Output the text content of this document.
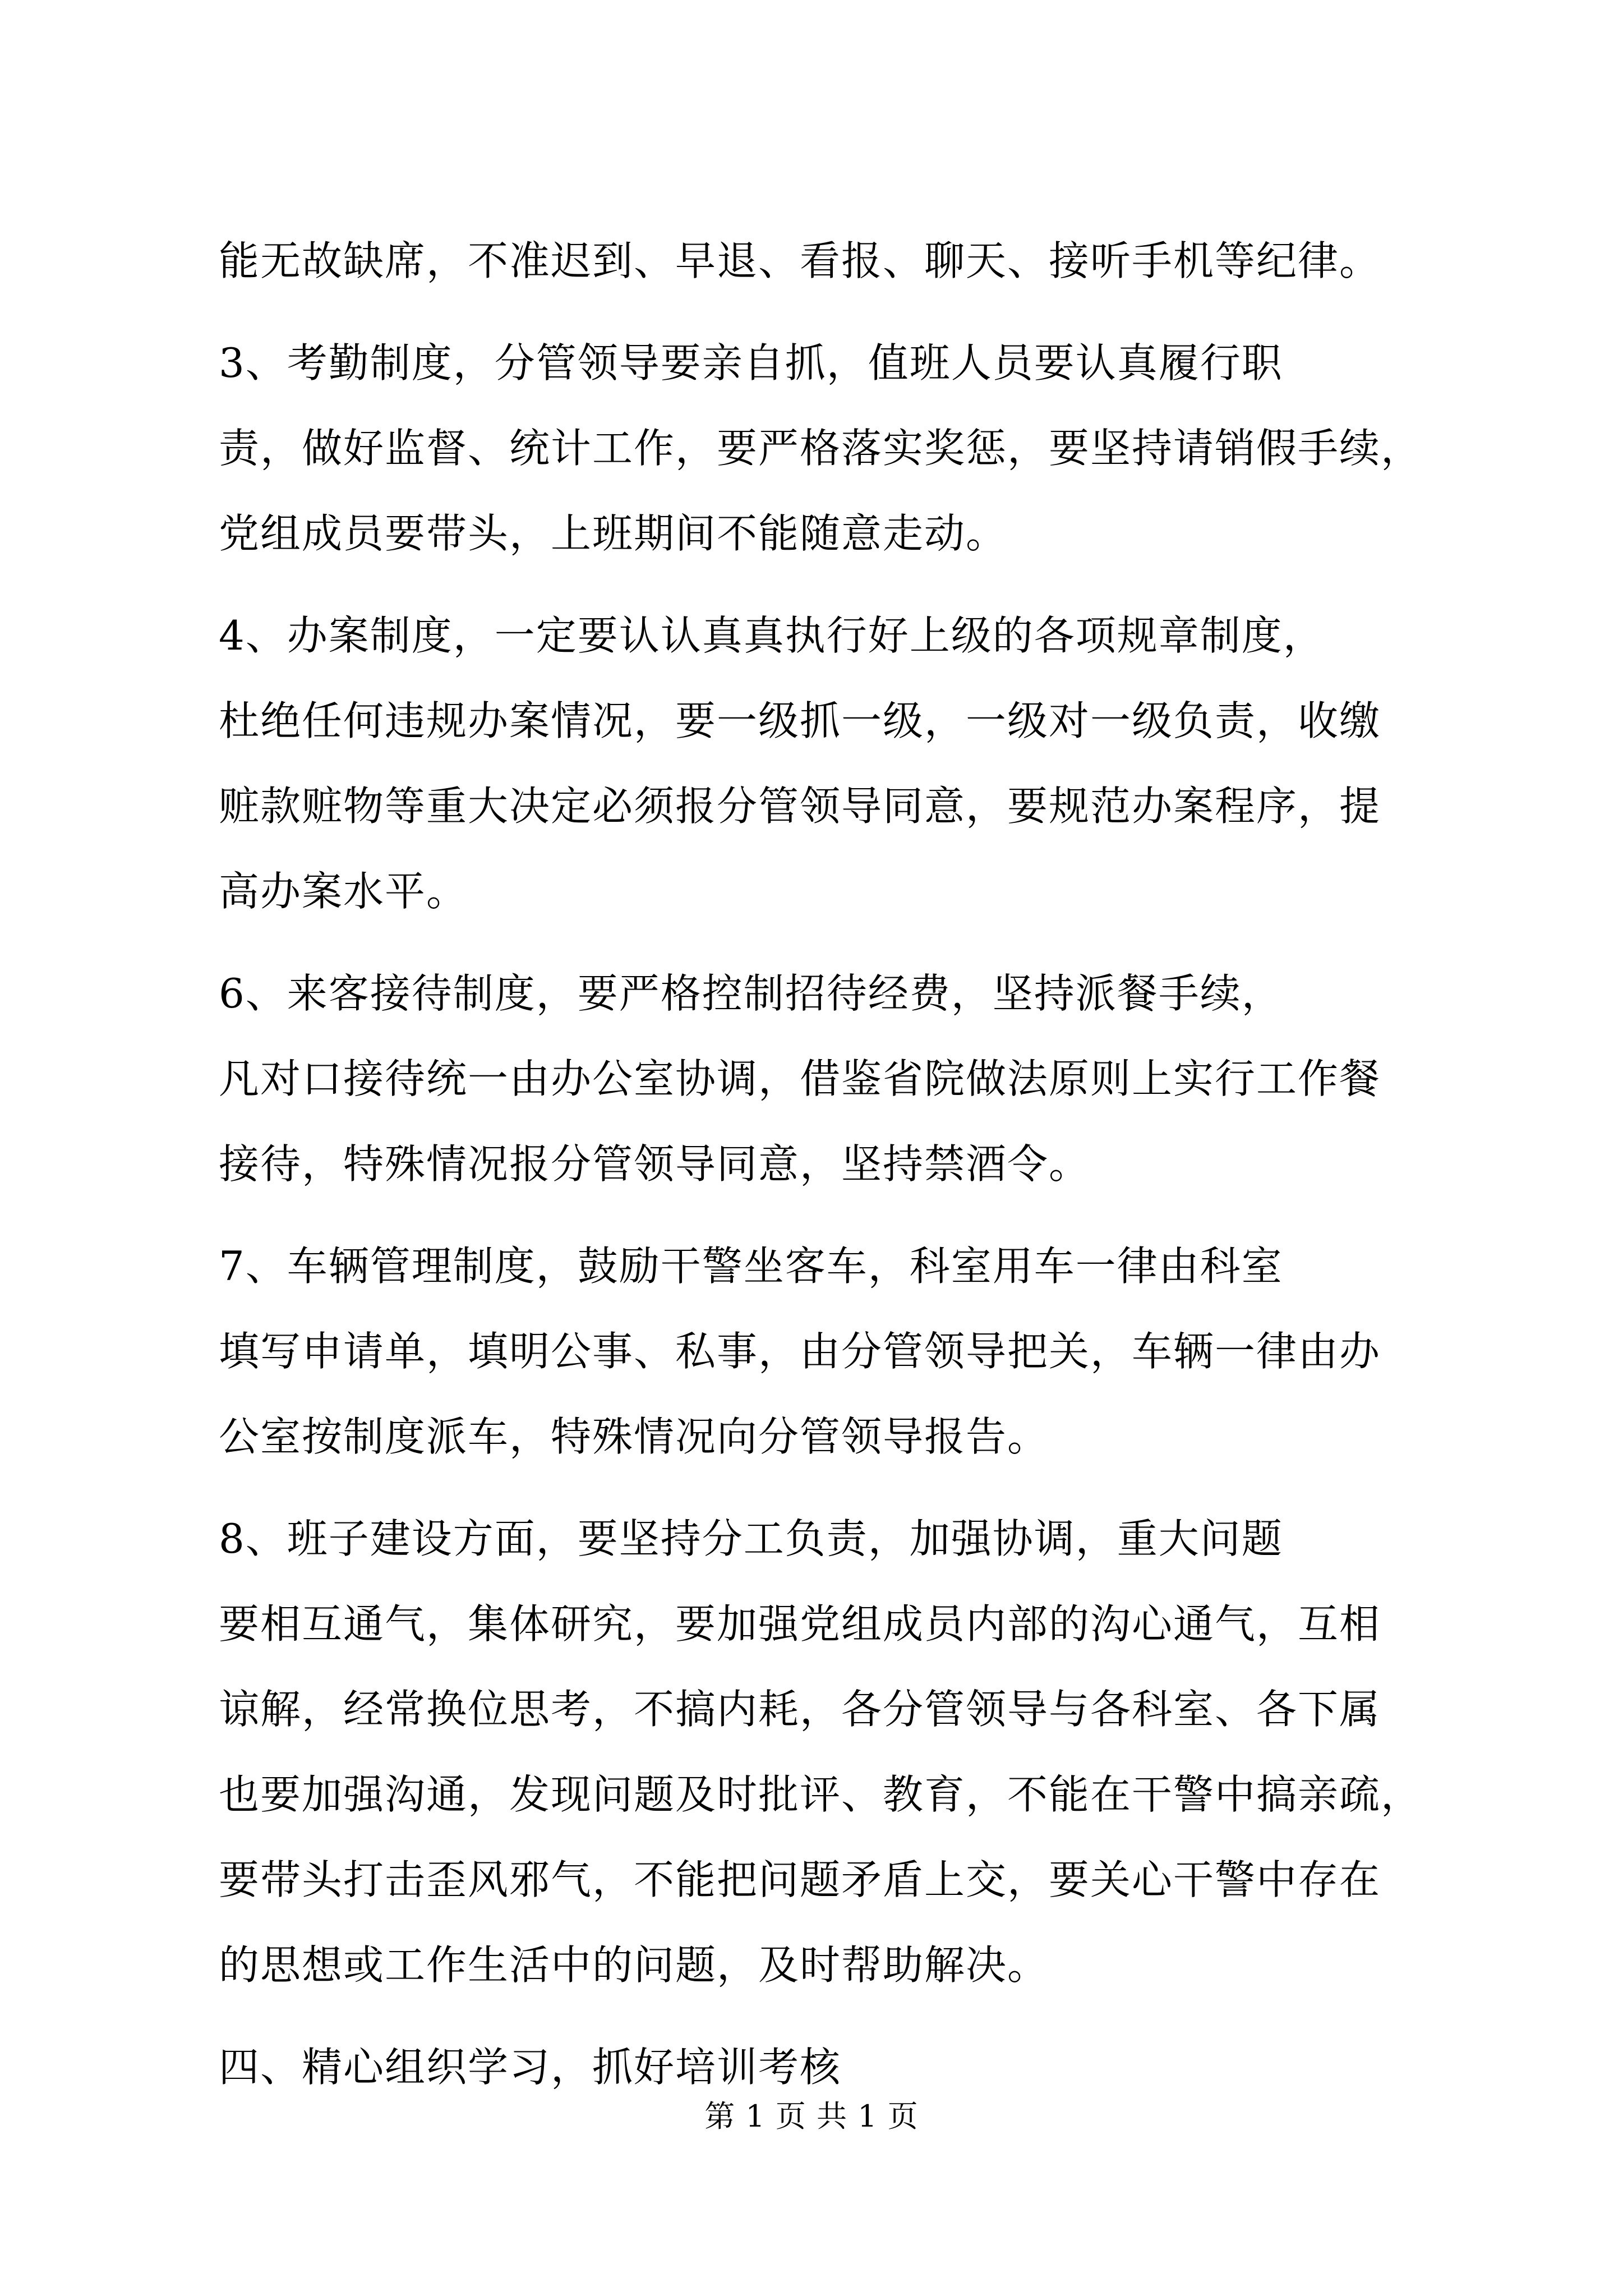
能无故缺席，不准迟到、早退、看报、聊天、接听手机等纪律。
3、考勤制度，分管领导要亲自抓，值班人员要认真履行职
责，做好监督、统计工作，要严格落实奖惩，要坚持请销假手续，
党组成员要带头，上班期间不能随意走动。
4、办案制度，一定要认认真真执行好上级的各项规章制度，
杜绝任何违规办案情况，要一级抓一级，一级对一级负责，收缴
赃款赃物等重大决定必须报分管领导同意，要规范办案程序，提
高办案水平。
6、来客接待制度，要严格控制招待经费，坚持派餐手续，
凡对口接待统一由办公室协调，借鉴省院做法原则上实行工作餐
接待，特殊情况报分管领导同意，坚持禁酒令。
7、车辆管理制度，鼓励干警坐客车，科室用车一律由科室
填写申请单，填明公事、私事，由分管领导把关，车辆一律由办
公室按制度派车，特殊情况向分管领导报告。
8、班子建设方面，要坚持分工负责，加强协调，重大问题
要相互通气，集体研究，要加强党组成员内部的沟心通气，互相
谅解，经常换位思考，不搞内耗，各分管领导与各科室、各下属
也要加强沟通，发现问题及时批评、教育，不能在干警中搞亲疏，
第 1 页 共 1 页
要带头打击歪风邪气，不能把问题矛盾上交，要关心干警中存在
的思想或工作生活中的问题，及时帮助解决。
四、精心组织学习，抓好培训考核
